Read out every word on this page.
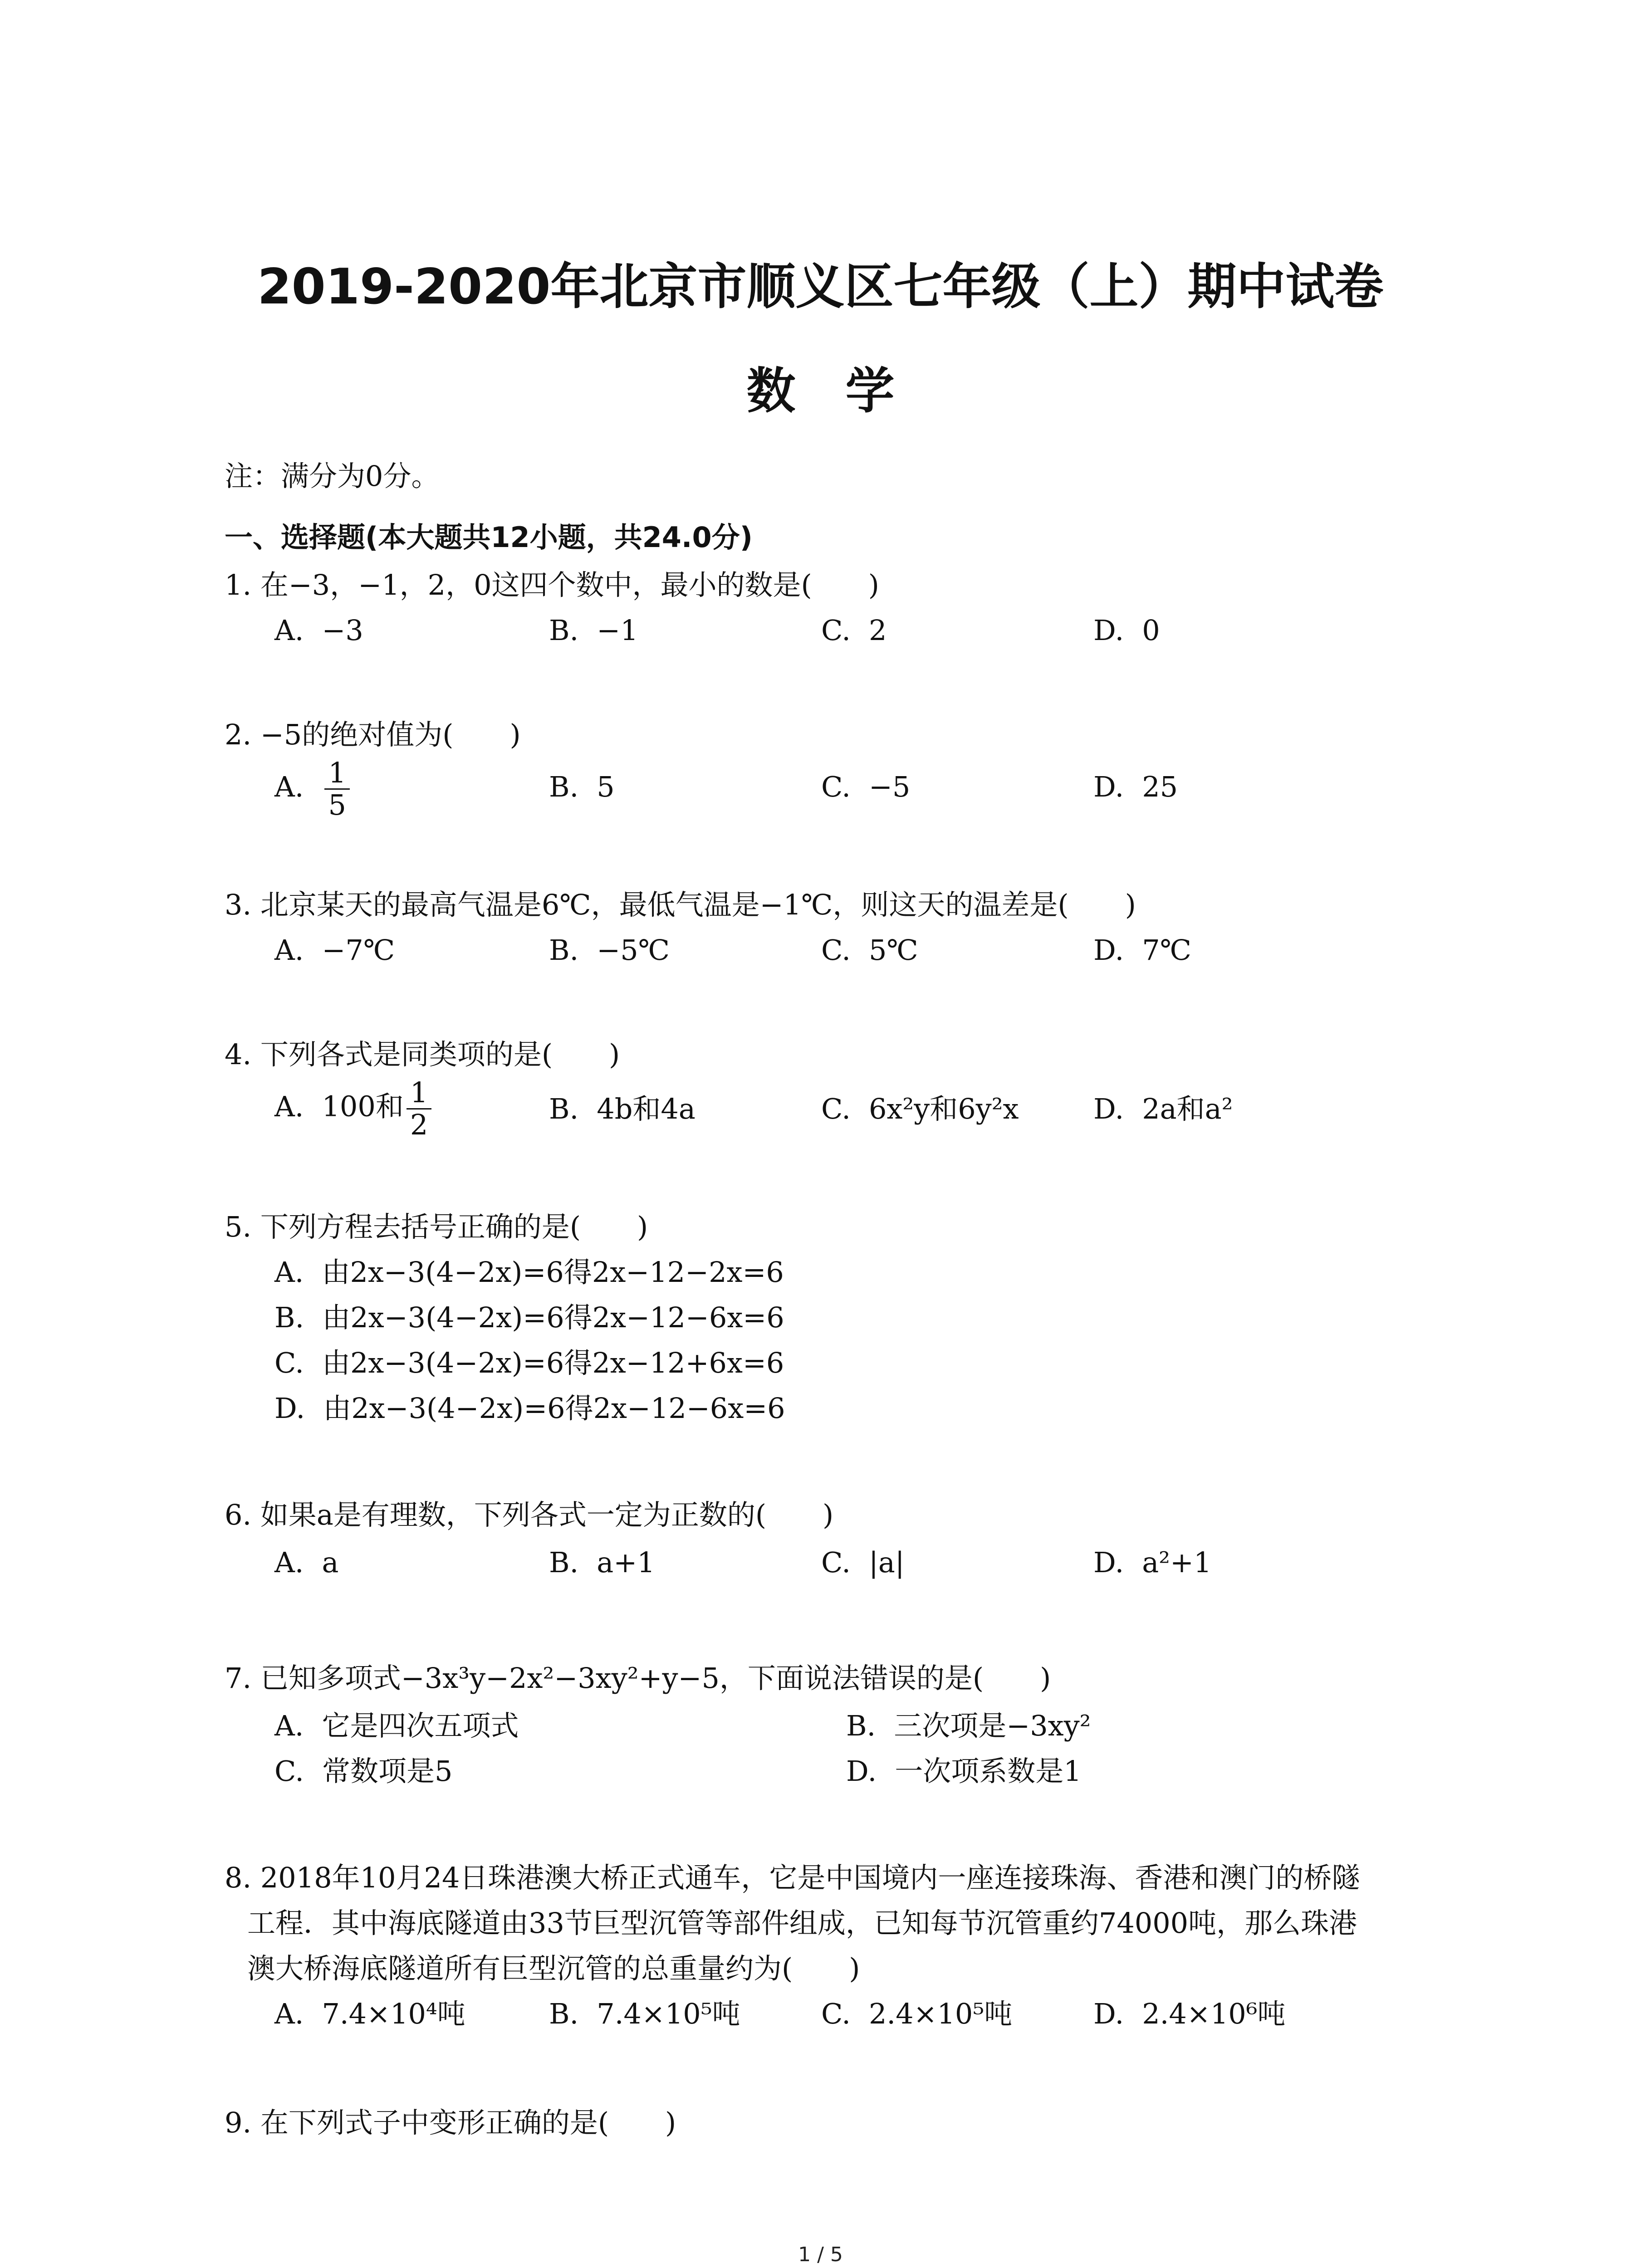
2019-2020年北京市顺义区七年级（上）期中试卷
数学
注：满分为0分。
一、选择题(本大题共12小题，共24.0分)
1. 在−3，−1，2，0这四个数中，最小的数是(　　)
A. −3	B. −1	C. 2	D. 0
2. −5的绝对值为(　　)
A. $\frac{1}{5}$	B. 5	C. −5	D. 25
3. 北京某天的最高气温是6℃，最低气温是−1℃，则这天的温差是(　　)
A. −7℃	B. −5℃	C. 5℃	D. 7℃
4. 下列各式是同类项的是(　　)
A. 100和 $\frac{1}{2}$	B. 4b和4a	C. 6x²y和6y²x	D. 2a和a²
5. 下列方程去括号正确的是(　　)
A. 由2x−3(4−2x)=6得2x−12−2x=6
B. 由2x−3(4−2x)=6得2x−12−6x=6
C. 由2x−3(4−2x)=6得2x−12+6x=6
D. 由2x−3(4−2x)=6得2x−12−6x=6
6. 如果a是有理数，下列各式一定为正数的(　　)
A. a	B. a+1	C. |a|	D. a²+1
7. 已知多项式−3x³y−2x²−3xy²+y−5，下面说法错误的是(　　)
A. 它是四次五项式	B. 三次项是−3xy²
C. 常数项是5	D. 一次项系数是1
8. 2018年10月24日珠港澳大桥正式通车，它是中国境内一座连接珠海、香港和澳门的桥隧
工程．其中海底隧道由33节巨型沉管等部件组成，已知每节沉管重约74000吨，那么珠港
澳大桥海底隧道所有巨型沉管的总重量约为(　　)
A. 7.4×10⁴吨	B. 7.4×10⁵吨	C. 2.4×10⁵吨	D. 2.4×10⁶吨
9. 在下列式子中变形正确的是(　　)
1 / 5
